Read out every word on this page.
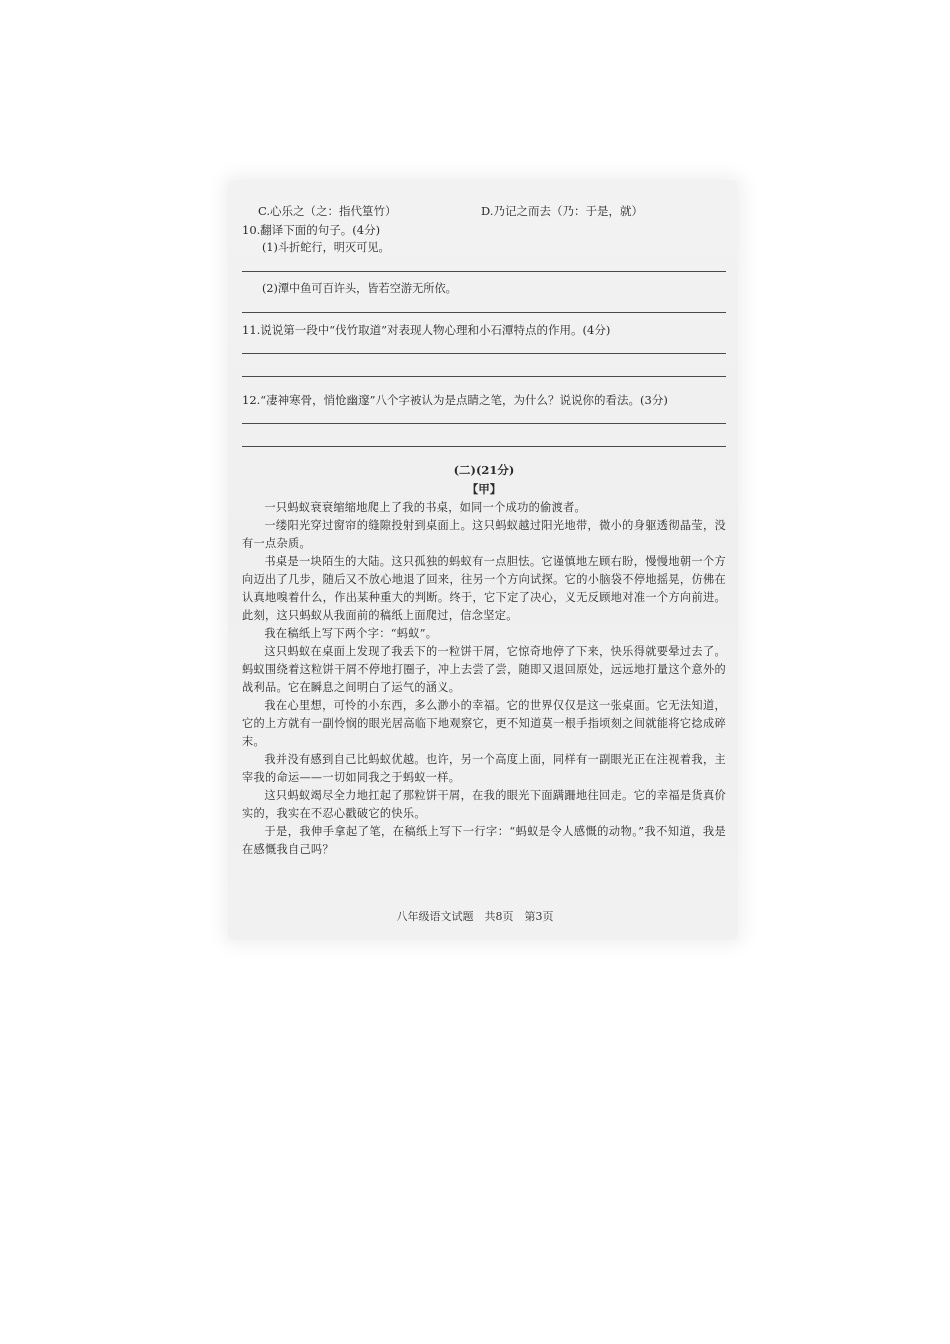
C.心乐之（之：指代篁竹）	D.乃记之而去（乃：于是，就）
10.翻译下面的句子。(4分)
(1)斗折蛇行，明灭可见。
(2)潭中鱼可百许头，皆若空游无所依。
11.说说第一段中“伐竹取道”对表现人物心理和小石潭特点的作用。(4分)
12.“凄神寒骨，悄怆幽邃”八个字被认为是点睛之笔，为什么？说说你的看法。(3分)
(二)(21分)
【甲】
一只蚂蚁衰衰缩缩地爬上了我的书桌，如同一个成功的偷渡者。
一缕阳光穿过窗帘的缝隙投射到桌面上。这只蚂蚁越过阳光地带，微小的身躯透彻晶莹，没有一点杂质。
书桌是一块陌生的大陆。这只孤独的蚂蚁有一点胆怯。它谨慎地左顾右盼，慢慢地朝一个方向迈出了几步，随后又不放心地退了回来，往另一个方向试探。它的小脑袋不停地摇晃，仿佛在认真地嗅着什么，作出某种重大的判断。终于，它下定了决心，义无反顾地对准一个方向前进。此刻，这只蚂蚁从我面前的稿纸上面爬过，信念坚定。
我在稿纸上写下两个字：“蚂蚁”。
这只蚂蚁在桌面上发现了我丢下的一粒饼干屑，它惊奇地停了下来，快乐得就要晕过去了。蚂蚁围绕着这粒饼干屑不停地打圈子，冲上去尝了尝，随即又退回原处，远远地打量这个意外的战利品。它在瞬息之间明白了运气的涵义。
我在心里想，可怜的小东西，多么渺小的幸福。它的世界仅仅是这一张桌面。它无法知道，它的上方就有一副怜悯的眼光居高临下地观察它，更不知道莫一根手指顷刻之间就能将它捻成碎末。
我并没有感到自己比蚂蚁优越。也许，另一个高度上面，同样有一副眼光正在注视着我，主宰我的命运——一切如同我之于蚂蚁一样。
这只蚂蚁竭尽全力地扛起了那粒饼干屑，在我的眼光下面蹒跚地往回走。它的幸福是货真价实的，我实在不忍心戳破它的快乐。
于是，我伸手拿起了笔，在稿纸上写下一行字：“蚂蚁是令人感慨的动物。”我不知道，我是在感慨我自己吗？
八年级语文试题　共8页　第3页
